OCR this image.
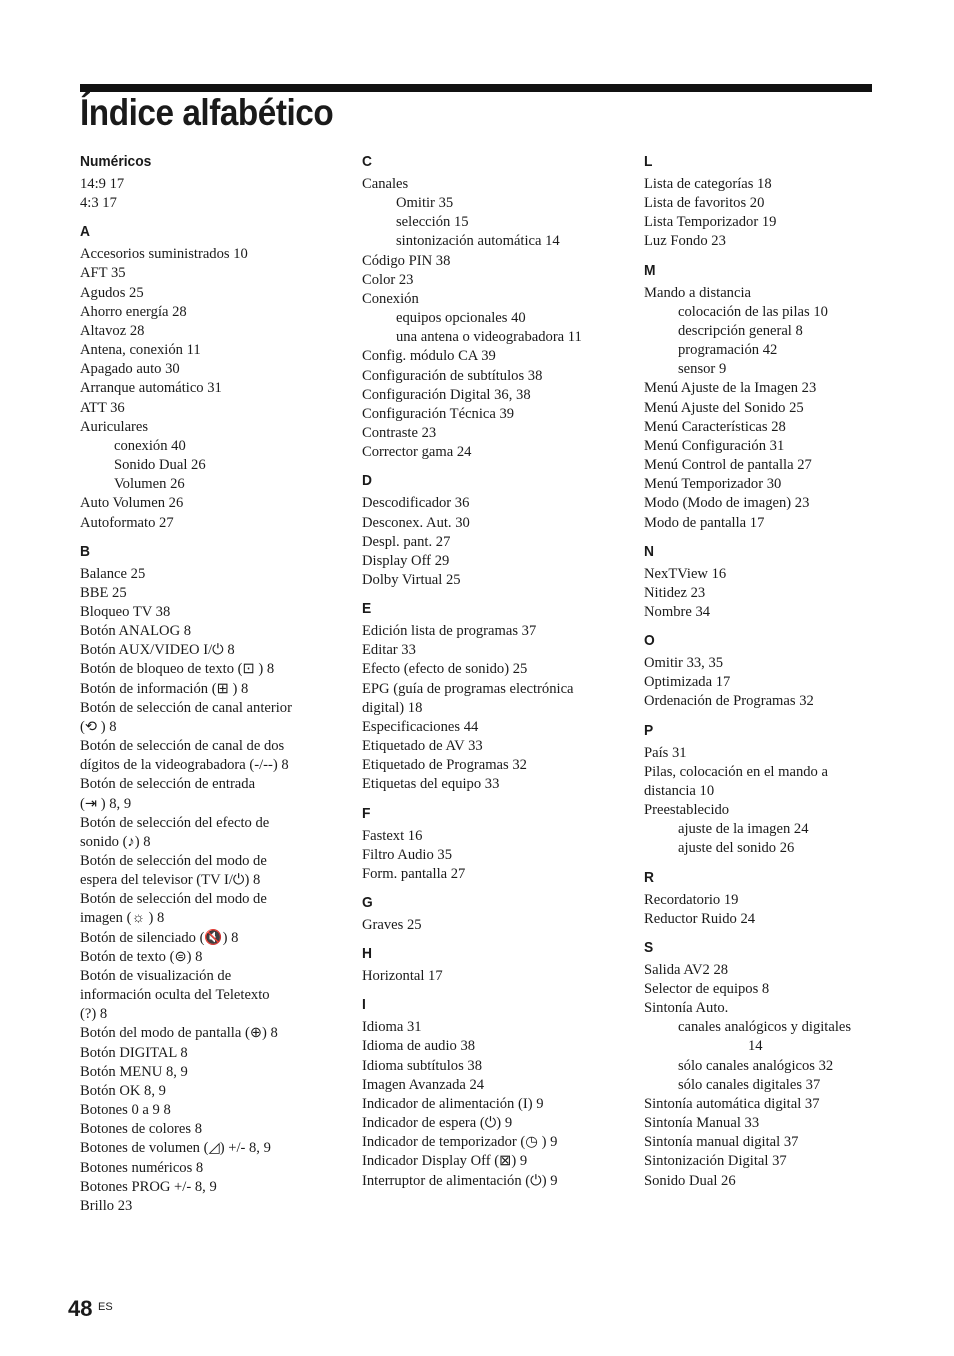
Índice alfabético
Numéricos
14:9 17
4:3 17
A
Accesorios suministrados 10
AFT 35
Agudos 25
Ahorro energía 28
Altavoz 28
Antena, conexión 11
Apagado auto 30
Arranque automático 31
ATT 36
Auriculares
conexión 40
Sonido Dual 26
Volumen 26
Auto Volumen 26
Autoformato 27
B
Balance 25
BBE 25
Bloqueo TV 38
Botón ANALOG 8
Botón AUX/VIDEO I/⏻ 8
Botón de bloqueo de texto (⊡ ) 8
Botón de información (⊞ ) 8
Botón de selección de canal anterior
(⟲ ) 8
Botón de selección de canal de dos
dígitos de la videograbadora (-/--) 8
Botón de selección de entrada
(⇥ ) 8, 9
Botón de selección del efecto de
sonido (♪) 8
Botón de selección del modo de
espera del televisor (TV I/⏻) 8
Botón de selección del modo de
imagen (☼ ) 8
Botón de silenciado (🔇) 8
Botón de texto (⊜) 8
Botón de visualización de
información oculta del Teletexto
(?) 8
Botón del modo de pantalla (⊕) 8
Botón DIGITAL 8
Botón MENU 8, 9
Botón OK 8, 9
Botones 0 a 9 8
Botones de colores 8
Botones de volumen (◿) +/- 8, 9
Botones numéricos 8
Botones PROG +/- 8, 9
Brillo 23
C
Canales
Omitir 35
selección 15
sintonización automática 14
Código PIN 38
Color 23
Conexión
equipos opcionales 40
una antena o videograbadora 11
Config. módulo CA 39
Configuración de subtítulos 38
Configuración Digital 36, 38
Configuración Técnica 39
Contraste 23
Corrector gama 24
D
Descodificador 36
Desconex. Aut. 30
Despl. pant. 27
Display Off 29
Dolby Virtual 25
E
Edición lista de programas 37
Editar 33
Efecto (efecto de sonido) 25
EPG (guía de programas electrónica
digital) 18
Especificaciones 44
Etiquetado de AV 33
Etiquetado de Programas 32
Etiquetas del equipo 33
F
Fastext 16
Filtro Audio 35
Form. pantalla 27
G
Graves 25
H
Horizontal 17
I
Idioma 31
Idioma de audio 38
Idioma subtítulos 38
Imagen Avanzada 24
Indicador de alimentación (I) 9
Indicador de espera (⏻) 9
Indicador de temporizador (◷ ) 9
Indicador Display Off (⊠) 9
Interruptor de alimentación (⏻) 9
L
Lista de categorías 18
Lista de favoritos 20
Lista Temporizador 19
Luz Fondo 23
M
Mando a distancia
colocación de las pilas 10
descripción general 8
programación 42
sensor 9
Menú Ajuste de la Imagen 23
Menú Ajuste del Sonido 25
Menú Características 28
Menú Configuración 31
Menú Control de pantalla 27
Menú Temporizador 30
Modo (Modo de imagen) 23
Modo de pantalla 17
N
NexTView 16
Nitidez 23
Nombre 34
O
Omitir 33, 35
Optimizada 17
Ordenación de Programas 32
P
País 31
Pilas, colocación en el mando a
distancia 10
Preestablecido
ajuste de la imagen 24
ajuste del sonido 26
R
Recordatorio 19
Reductor Ruido 24
S
Salida AV2 28
Selector de equipos 8
Sintonía Auto.
canales analógicos y digitales
14
sólo canales analógicos 32
sólo canales digitales 37
Sintonía automática digital 37
Sintonía Manual 33
Sintonía manual digital 37
Sintonización Digital 37
Sonido Dual 26
48 ES
